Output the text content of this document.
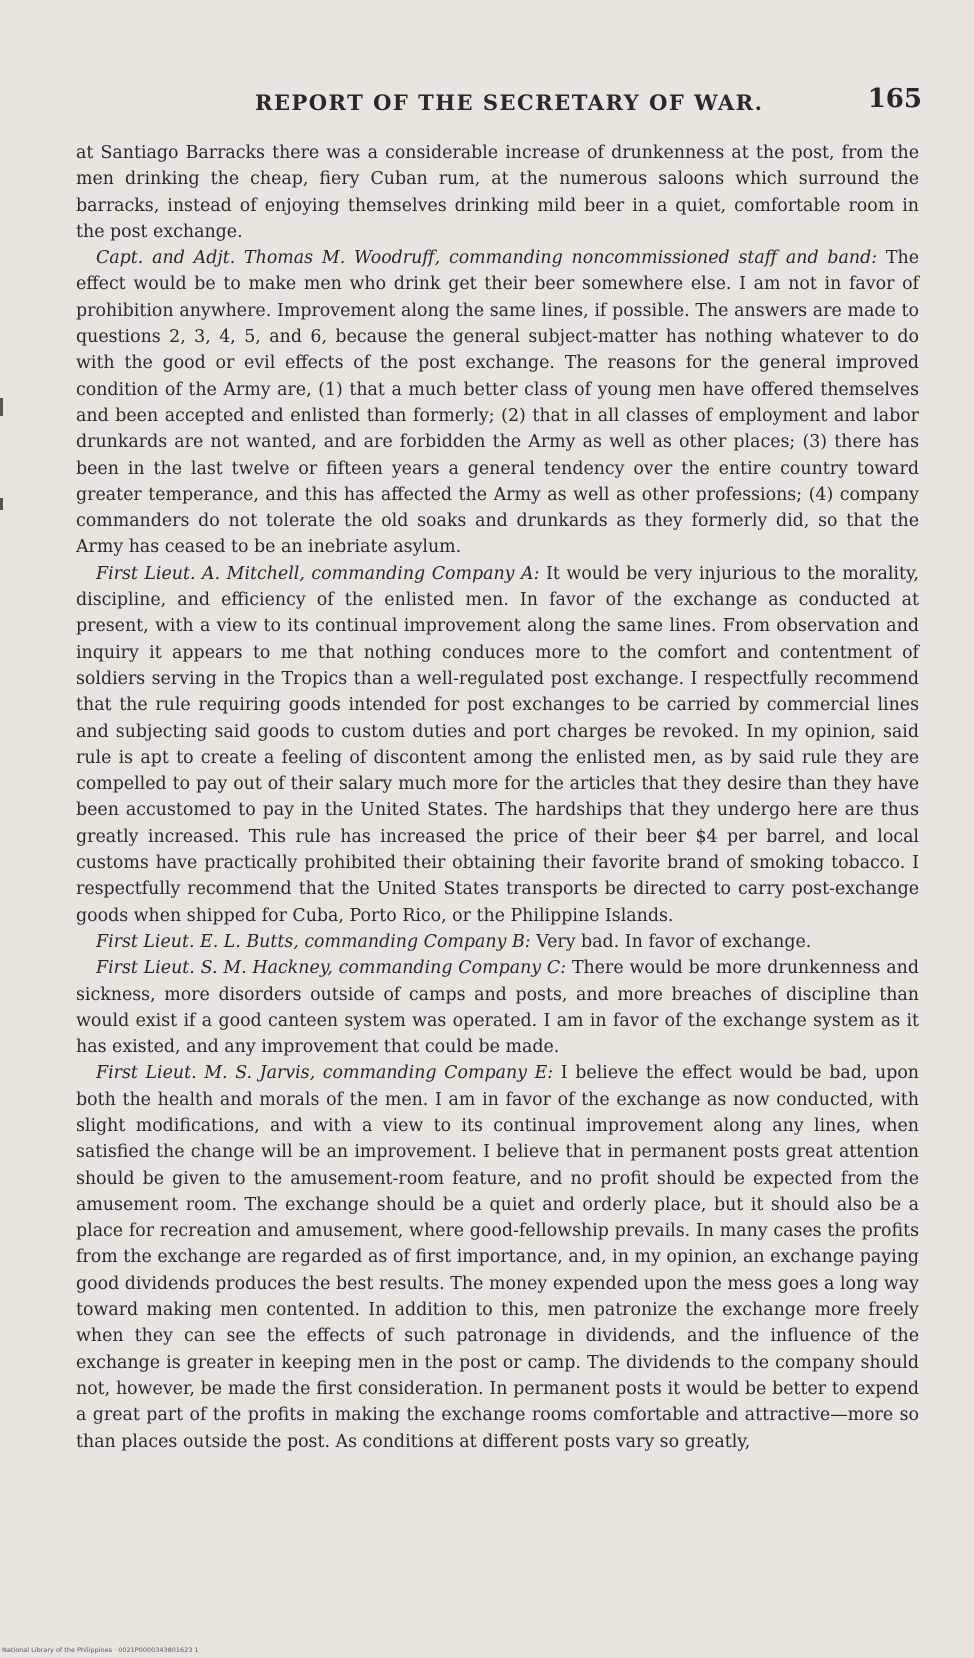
REPORT OF THE SECRETARY OF WAR.	165

at Santiago Barracks there was a considerable increase of drunkenness at the post, from the men drinking the cheap, fiery Cuban rum, at the numerous saloons which surround the barracks, instead of enjoying themselves drinking mild beer in a quiet, comfortable room in the post exchange.

Capt. and Adjt. Thomas M. Woodruff, commanding noncommissioned staff and band: The effect would be to make men who drink get their beer somewhere else. I am not in favor of prohibition anywhere. Improvement along the same lines, if possible. The answers are made to questions 2, 3, 4, 5, and 6, because the general subject-matter has nothing whatever to do with the good or evil effects of the post exchange. The reasons for the general improved condition of the Army are, (1) that a much better class of young men have offered themselves and been accepted and enlisted than formerly; (2) that in all classes of employment and labor drunkards are not wanted, and are forbidden the Army as well as other places; (3) there has been in the last twelve or fifteen years a general tendency over the entire country toward greater temperance, and this has affected the Army as well as other professions; (4) company commanders do not tolerate the old soaks and drunkards as they formerly did, so that the Army has ceased to be an inebriate asylum.

First Lieut. A. Mitchell, commanding Company A: It would be very injurious to the morality, discipline, and efficiency of the enlisted men. In favor of the exchange as conducted at present, with a view to its continual improvement along the same lines. From observation and inquiry it appears to me that nothing conduces more to the comfort and contentment of soldiers serving in the Tropics than a well-regulated post exchange. I respectfully recommend that the rule requiring goods intended for post exchanges to be carried by commercial lines and subjecting said goods to custom duties and port charges be revoked. In my opinion, said rule is apt to create a feeling of discontent among the enlisted men, as by said rule they are compelled to pay out of their salary much more for the articles that they desire than they have been accustomed to pay in the United States. The hardships that they undergo here are thus greatly increased. This rule has increased the price of their beer $4 per barrel, and local customs have practically prohibited their obtaining their favorite brand of smoking tobacco. I respectfully recommend that the United States transports be directed to carry post-exchange goods when shipped for Cuba, Porto Rico, or the Philippine Islands.

First Lieut. E. L. Butts, commanding Company B: Very bad. In favor of exchange.

First Lieut. S. M. Hackney, commanding Company C: There would be more drunkenness and sickness, more disorders outside of camps and posts, and more breaches of discipline than would exist if a good canteen system was operated. I am in favor of the exchange system as it has existed, and any improvement that could be made.

First Lieut. M. S. Jarvis, commanding Company E: I believe the effect would be bad, upon both the health and morals of the men. I am in favor of the exchange as now conducted, with slight modifications, and with a view to its continual improvement along any lines, when satisfied the change will be an improvement. I believe that in permanent posts great attention should be given to the amusement-room feature, and no profit should be expected from the amusement room. The exchange should be a quiet and orderly place, but it should also be a place for recreation and amusement, where good-fellowship prevails. In many cases the profits from the exchange are regarded as of first importance, and, in my opinion, an exchange paying good dividends produces the best results. The money expended upon the mess goes a long way toward making men contented. In addition to this, men patronize the exchange more freely when they can see the effects of such patronage in dividends, and the influence of the exchange is greater in keeping men in the post or camp. The dividends to the company should not, however, be made the first consideration. In permanent posts it would be better to expend a great part of the profits in making the exchange rooms comfortable and attractive—more so than places outside the post. As conditions at different posts vary so greatly,

National Library of the Philippines · 0021P0000343801623 1
